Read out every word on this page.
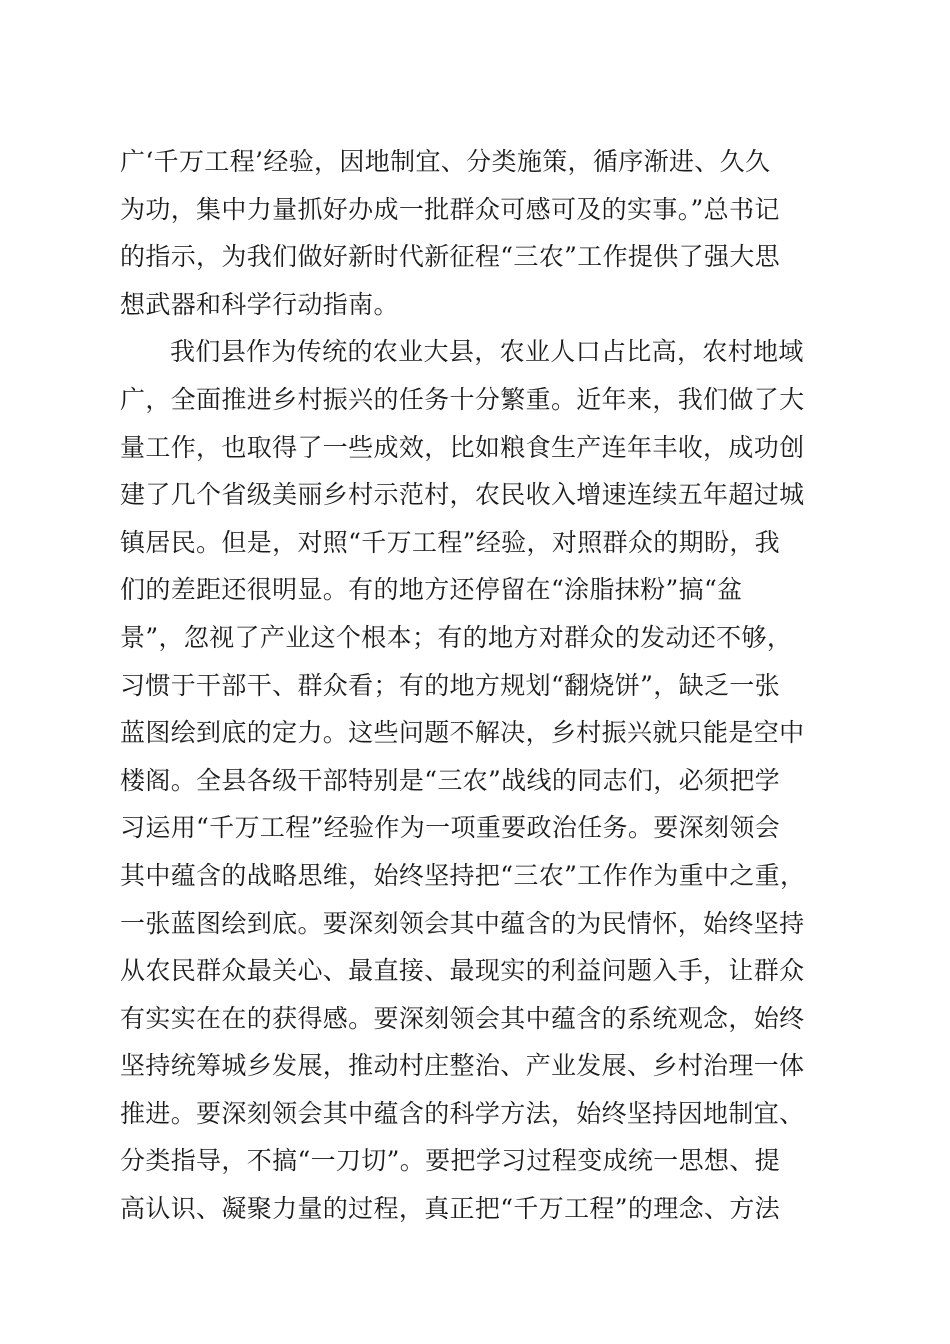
广‘千万工程’经验，因地制宜、分类施策，循序渐进、久久
为功，集中力量抓好办成一批群众可感可及的实事。”总书记
的指示，为我们做好新时代新征程“三农”工作提供了强大思
想武器和科学行动指南。
我们县作为传统的农业大县，农业人口占比高，农村地域
广，全面推进乡村振兴的任务十分繁重。近年来，我们做了大
量工作，也取得了一些成效，比如粮食生产连年丰收，成功创
建了几个省级美丽乡村示范村，农民收入增速连续五年超过城
镇居民。但是，对照“千万工程”经验，对照群众的期盼，我
们的差距还很明显。有的地方还停留在“涂脂抹粉”搞“盆
景”，忽视了产业这个根本；有的地方对群众的发动还不够，
习惯于干部干、群众看；有的地方规划“翻烧饼”，缺乏一张
蓝图绘到底的定力。这些问题不解决，乡村振兴就只能是空中
楼阁。全县各级干部特别是“三农”战线的同志们，必须把学
习运用“千万工程”经验作为一项重要政治任务。要深刻领会
其中蕴含的战略思维，始终坚持把“三农”工作作为重中之重，
一张蓝图绘到底。要深刻领会其中蕴含的为民情怀，始终坚持
从农民群众最关心、最直接、最现实的利益问题入手，让群众
有实实在在的获得感。要深刻领会其中蕴含的系统观念，始终
坚持统筹城乡发展，推动村庄整治、产业发展、乡村治理一体
推进。要深刻领会其中蕴含的科学方法，始终坚持因地制宜、
分类指导，不搞“一刀切”。要把学习过程变成统一思想、提
高认识、凝聚力量的过程，真正把“千万工程”的理念、方法
